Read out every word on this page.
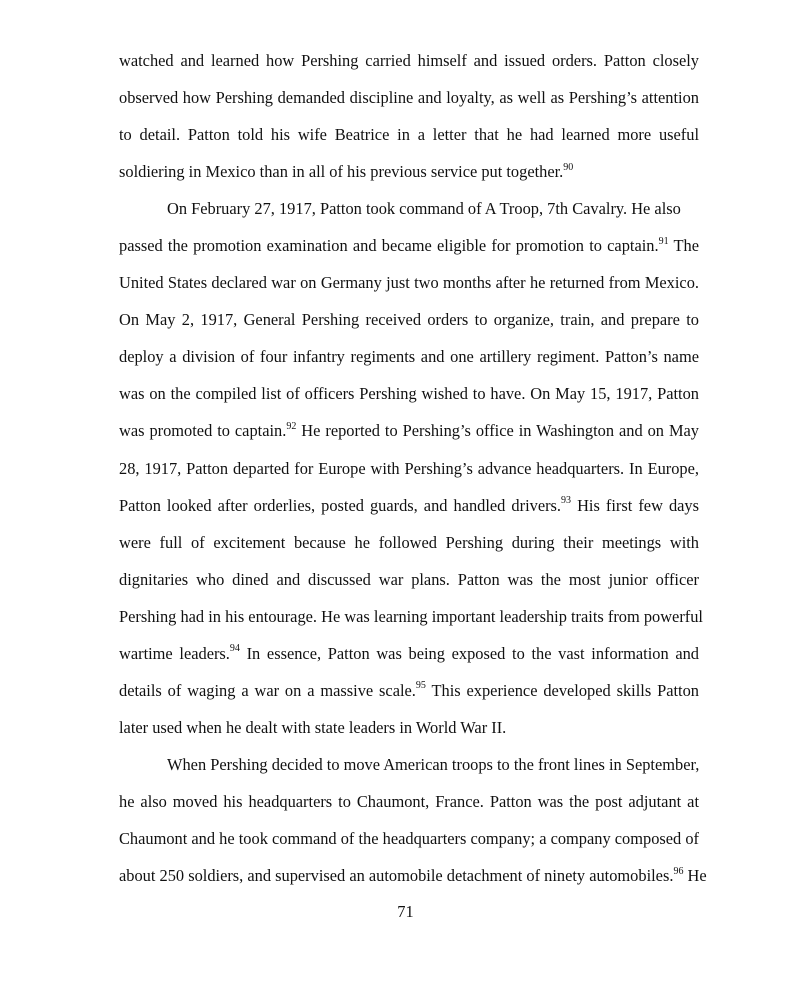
watched and learned how Pershing carried himself and issued orders. Patton closely
observed how Pershing demanded discipline and loyalty, as well as Pershing’s attention
to detail. Patton told his wife Beatrice in a letter that he had learned more useful
soldiering in Mexico than in all of his previous service put together.$^{90}$
On February 27, 1917, Patton took command of A Troop, 7th Cavalry. He also
passed the promotion examination and became eligible for promotion to captain.$^{91}$ The
United States declared war on Germany just two months after he returned from Mexico.
On May 2, 1917, General Pershing received orders to organize, train, and prepare to
deploy a division of four infantry regiments and one artillery regiment. Patton’s name
was on the compiled list of officers Pershing wished to have. On May 15, 1917, Patton
was promoted to captain.$^{92}$ He reported to Pershing’s office in Washington and on May
28, 1917, Patton departed for Europe with Pershing’s advance headquarters. In Europe,
Patton looked after orderlies, posted guards, and handled drivers.$^{93}$ His first few days
were full of excitement because he followed Pershing during their meetings with
dignitaries who dined and discussed war plans. Patton was the most junior officer
Pershing had in his entourage. He was learning important leadership traits from powerful
wartime leaders.$^{94}$ In essence, Patton was being exposed to the vast information and
details of waging a war on a massive scale.$^{95}$ This experience developed skills Patton
later used when he dealt with state leaders in World War II.
When Pershing decided to move American troops to the front lines in September,
he also moved his headquarters to Chaumont, France. Patton was the post adjutant at
Chaumont and he took command of the headquarters company; a company composed of
about 250 soldiers, and supervised an automobile detachment of ninety automobiles.$^{96}$ He
71
